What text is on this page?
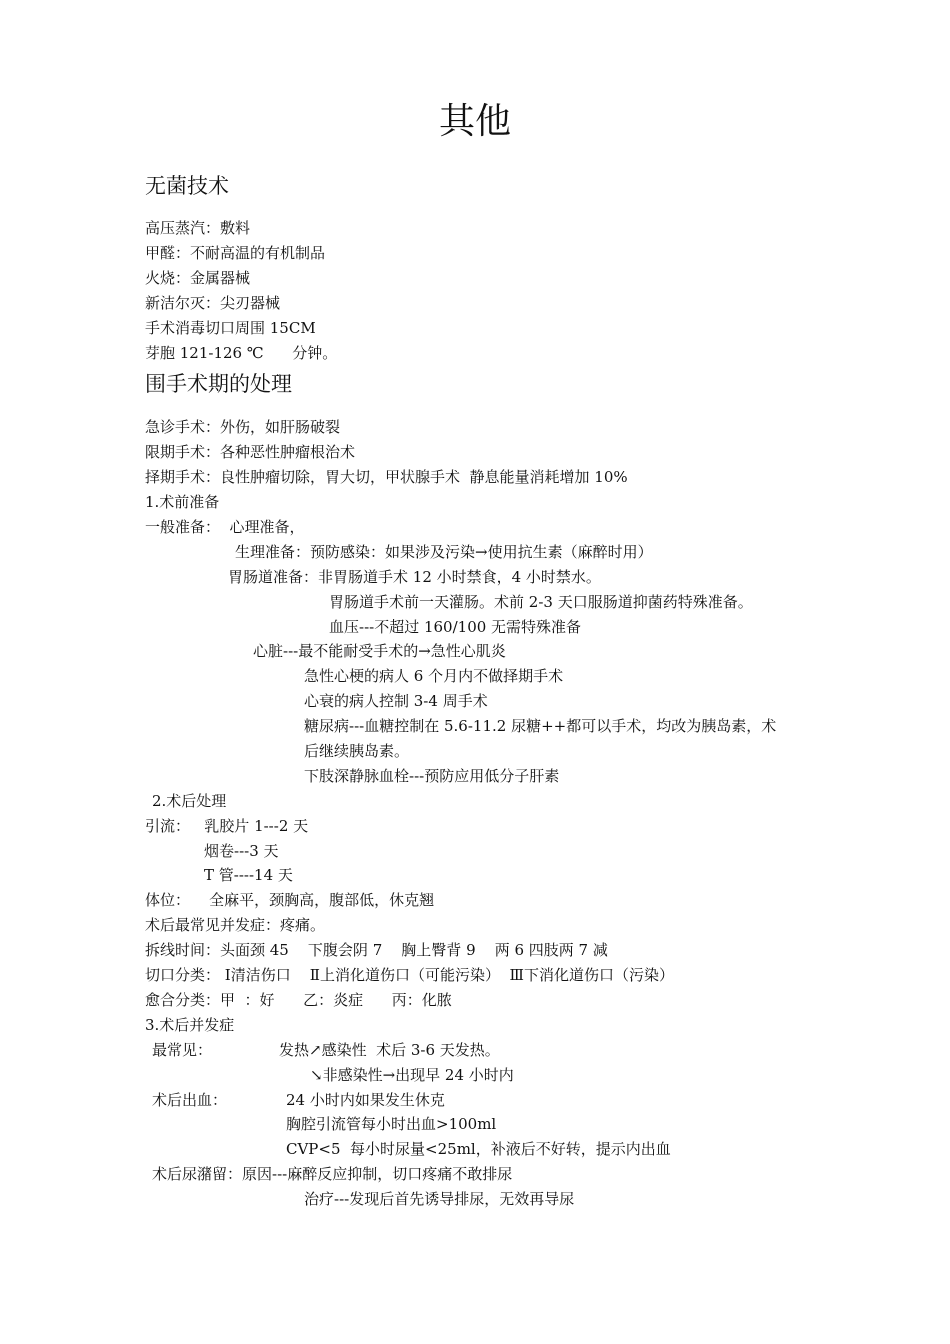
其他
无菌技术
高压蒸汽：敷料
甲醛：不耐高温的有机制品
火烧：金属器械
新洁尔灭：尖刃器械
手术消毒切口周围 15CM
芽胞 121-126 ℃      分钟。
围手术期的处理
急诊手术：外伤，如肝肠破裂
限期手术：各种恶性肿瘤根治术
择期手术：良性肿瘤切除，胃大切，甲状腺手术  静息能量消耗增加 10%
1.术前准备
一般准备：  心理准备，
生理准备：预防感染：如果涉及污染→使用抗生素（麻醉时用）
胃肠道准备：非胃肠道手术 12 小时禁食，4 小时禁水。
胃肠道手术前一天灌肠。术前 2-3 天口服肠道抑菌药特殊准备。
血压---不超过 160/100 无需特殊准备
心脏---最不能耐受手术的→急性心肌炎
急性心梗的病人 6 个月内不做择期手术
心衰的病人控制 3-4 周手术
糖尿病---血糖控制在 5.6-11.2 尿糖++都可以手术，均改为胰岛素，术
后继续胰岛素。
下肢深静脉血栓---预防应用低分子肝素
2.术后处理
引流：   乳胶片 1---2 天
烟卷---3 天
T 管----14 天
体位：    全麻平，颈胸高，腹部低，休克翘
术后最常见并发症：疼痛。
拆线时间：头面颈 45    下腹会阴 7    胸上臀背 9    两 6 四肢两 7 减
切口分类： Ⅰ清洁伤口    Ⅱ上消化道伤口（可能污染）  Ⅲ下消化道伤口（污染）
愈合分类：甲  ：好      乙：炎症      丙：化脓
3.术后并发症
最常见：	发热↗感染性  术后 3-6 天发热。
↘非感染性→出现早 24 小时内
术后出血：	24 小时内如果发生休克
胸腔引流管每小时出血>100ml
CVP<5  每小时尿量<25ml，补液后不好转，提示内出血
术后尿潴留：原因---麻醉反应抑制，切口疼痛不敢排尿
治疗---发现后首先诱导排尿，无效再导尿
